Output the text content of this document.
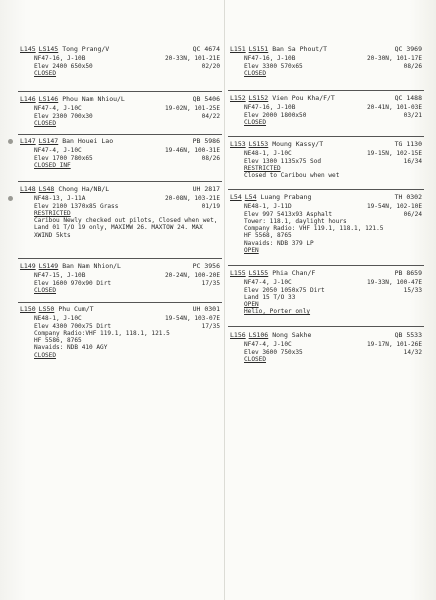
L145 LS145 Tong Prang/V	QC 4674
NF47-16, J-10B	20-33N, 101-21E
Elev 2400 650x50	02/20
CLOSED
L146 LS146 Phou Nam Nhiou/L	QB 5406
NF47-4, J-10C	19-02N, 101-25E
Elev 2300 700x30	04/22
CLOSED
L147 LS147 Ban Houei Lao	PB 5986
NF47-4, J-10C	19-46N, 100-31E
Elev 1700 780x65	08/26
CLOSED INF
L148 LS48 Chong Ha/NB/L	UH 2817
NF48-13, J-11A	20-08N, 103-21E
Elev 2100 1370x85 Grass	01/19
RESTRICTED
Caribou Newly checked out pilots, Closed when wet, Land 01 T/O 19 only, MAXIMW 26. MAXTOW 24. MAX XWIND 5kts
L149 LS149 Ban Nam Nhion/L	PC 3956
NF47-15, J-10B	20-24N, 100-20E
Elev 1600 970x90 Dirt	17/35
CLOSED
L150 LS50 Phu Cum/T	UH 0301
NE48-1, J-10C	19-54N, 103-07E
Elev 4300 700x75 Dirt	17/35
Company Radio:VHF 119.1, 118.1, 121.5
HF 5586, 8765
Navaids: NDB 410 AGY
CLOSED
L151 LS151 Ban Sa Phout/T	QC 3969
NF47-16, J-10B	20-30N, 101-17E
Elev 3300 570x65	08/26
CLOSED
L152 LS152 Vien Pou Kha/F/T	QC 1488
NF47-16, J-10B	20-41N, 101-03E
Elev 2000 1800x50	03/21
CLOSED
L153 LS153 Moung Kassy/T	TG 1130
NE48-1, J-10C	19-15N, 102-15E
Elev 1300 1135x75 Sod	16/34
RESTRICTED
Closed to Caribou when wet
L54 L54 Luang Prabang	TH 0302
NE48-1, J-11D	19-54N, 102-10E
Elev 997 5413x93 Asphalt	06/24
Tower: 118.1, daylight hours
Company Radio: VHF 119.1, 118.1, 121.5
HF 5568, 8765
Navaids: NDB 379 LP
OPEN
L155 LS155 Phia Chan/F	PB 8659
NF47-4, J-10C	19-33N, 100-47E
Elev 2050 1050x75 Dirt	15/33
Land 15 T/O 33
OPEN
Helio, Porter only
L156 LS106 Nong Sakhe	QB 5533
NF47-4, J-10C	19-17N, 101-26E
Elev 3600 750x35	14/32
CLOSED
